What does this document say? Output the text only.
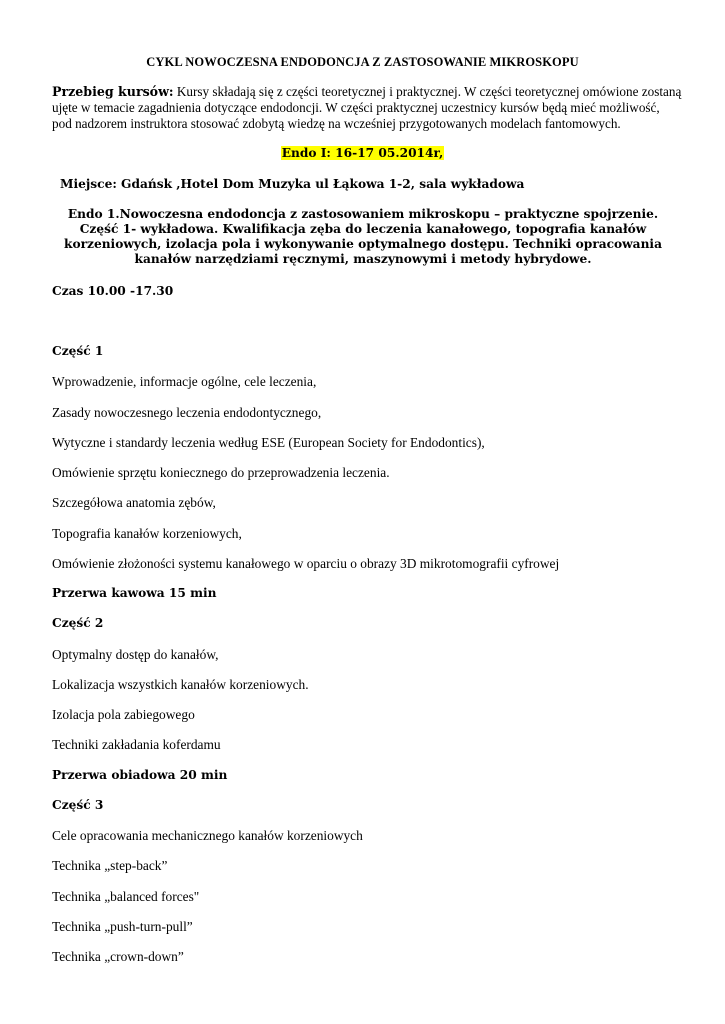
CYKL NOWOCZESNA ENDODONCJA Z ZASTOSOWANIE MIKROSKOPU
Przebieg kursów: Kursy składają się z części teoretycznej i praktycznej. W części teoretycznej omówione zostaną ujęte w temacie zagadnienia dotyczące endodoncji. W części praktycznej uczestnicy kursów będą mieć możliwość, pod nadzorem instruktora stosować zdobytą wiedzę na wcześniej przygotowanych modelach fantomowych.
Endo I: 16-17 05.2014r,
Miejsce: Gdańsk ,Hotel Dom Muzyka ul Łąkowa 1-2, sala wykładowa
Endo 1.Nowoczesna endodoncja z zastosowaniem mikroskopu – praktyczne spojrzenie. Część 1- wykładowa. Kwalifikacja zęba do leczenia kanałowego, topografia kanałów korzeniowych, izolacja pola i wykonywanie optymalnego dostępu. Techniki opracowania kanałów narzędziami ręcznymi, maszynowymi i metody hybrydowe.
Czas 10.00 -17.30
Część 1
Wprowadzenie, informacje ogólne, cele leczenia,
Zasady nowoczesnego leczenia endodontycznego,
Wytyczne i standardy leczenia według ESE (European Society for Endodontics),
Omówienie sprzętu koniecznego do przeprowadzenia leczenia.
Szczegółowa anatomia zębów,
Topografia kanałów korzeniowych,
Omówienie złożoności systemu kanałowego w oparciu o obrazy 3D mikrotomografii cyfrowej
Przerwa kawowa 15 min
Część 2
Optymalny dostęp do kanałów,
Lokalizacja wszystkich kanałów korzeniowych.
Izolacja pola zabiegowego
Techniki zakładania koferdamu
Przerwa obiadowa 20 min
Część 3
Cele opracowania mechanicznego kanałów korzeniowych
Technika „step-back”
Technika „balanced forces"
Technika „push-turn-pull”
Technika „crown-down”
